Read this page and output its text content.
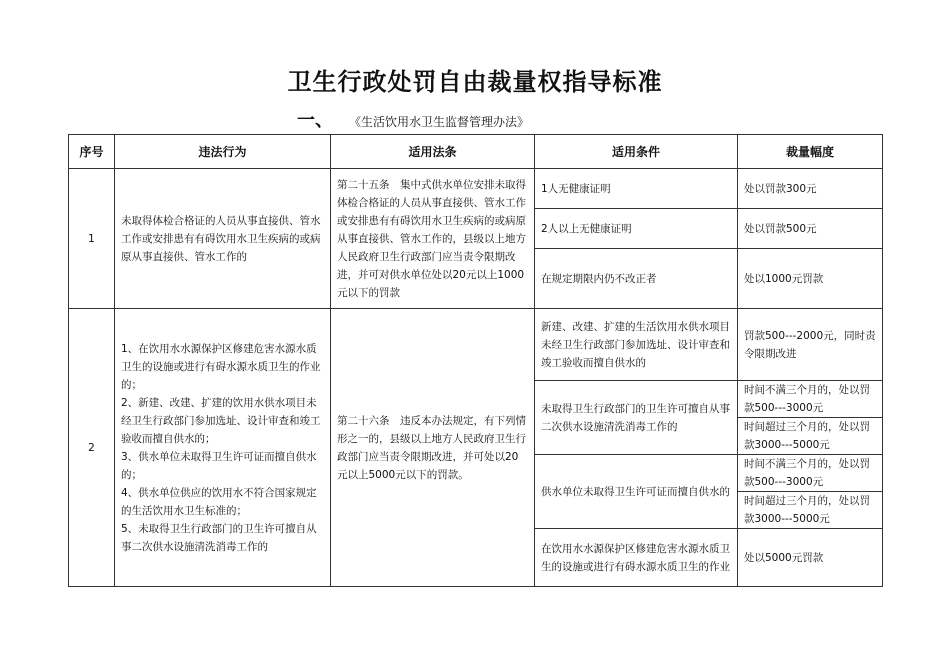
卫生行政处罚自由裁量权指导标准
一、 《生活饮用水卫生监督管理办法》
序号	违法行为	适用法条	适用条件	裁量幅度
1	未取得体检合格证的人员从事直接供、管水工作或安排患有有碍饮用水卫生疾病的或病原从事直接供、管水工作的	第二十五条　集中式供水单位安排未取得体检合格证的人员从事直接供、管水工作或安排患有有碍饮用水卫生疾病的或病原从事直接供、管水工作的，县级以上地方人民政府卫生行政部门应当责令限期改进，并可对供水单位处以20元以上1000元以下的罚款	1人无健康证明	处以罚款300元
			2人以上无健康证明	处以罚款500元
			在规定期限内仍不改正者	处以1000元罚款
2	1、在饮用水水源保护区修建危害水源水质卫生的设施或进行有碍水源水质卫生的作业的；
2、新建、改建、扩建的饮用水供水项目未经卫生行政部门参加选址、设计审查和竣工验收而擅自供水的；
3、供水单位未取得卫生许可证而擅自供水的；
4、供水单位供应的饮用水不符合国家规定的生活饮用水卫生标准的；
5、未取得卫生行政部门的卫生许可擅自从事二次供水设施清洗消毒工作的	第二十六条　违反本办法规定，有下列情形之一的，县级以上地方人民政府卫生行政部门应当责令限期改进，并可处以20元以上5000元以下的罚款。	新建、改建、扩建的生活饮用水供水项目未经卫生行政部门参加选址、设计审查和竣工验收而擅自供水的	罚款500---2000元，同时责令限期改进
			未取得卫生行政部门的卫生许可擅自从事二次供水设施清洗消毒工作的	时间不满三个月的，处以罚款500---3000元
				时间超过三个月的，处以罚款3000---5000元
			供水单位未取得卫生许可证而擅自供水的	时间不满三个月的，处以罚款500---3000元
				时间超过三个月的，处以罚款3000---5000元
			在饮用水水源保护区修建危害水源水质卫生的设施或进行有碍水源水质卫生的作业	处以5000元罚款
